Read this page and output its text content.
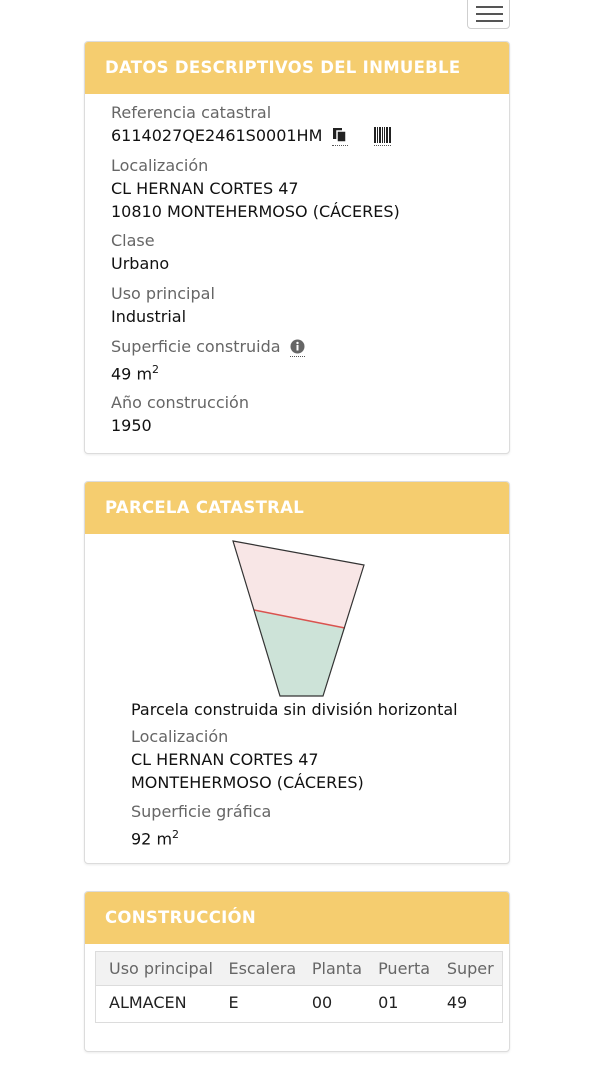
DATOS DESCRIPTIVOS DEL INMUEBLE
Referencia catastral
6114027QE2461S0001HM
Localización
CL HERNAN CORTES 47
10810 MONTEHERMOSO (CÁCERES)
Clase
Urbano
Uso principal
Industrial
Superficie construida
49 $m^2$
Año construcción
1950
PARCELA CATASTRAL
Parcela construida sin división horizontal
Localización
CL HERNAN CORTES 47
MONTEHERMOSO (CÁCERES)
Superficie gráfica
92 $m^2$
CONSTRUCCIÓN
Uso principal	Escalera	Planta	Puerta	Super
ALMACEN	E	00	01	49
